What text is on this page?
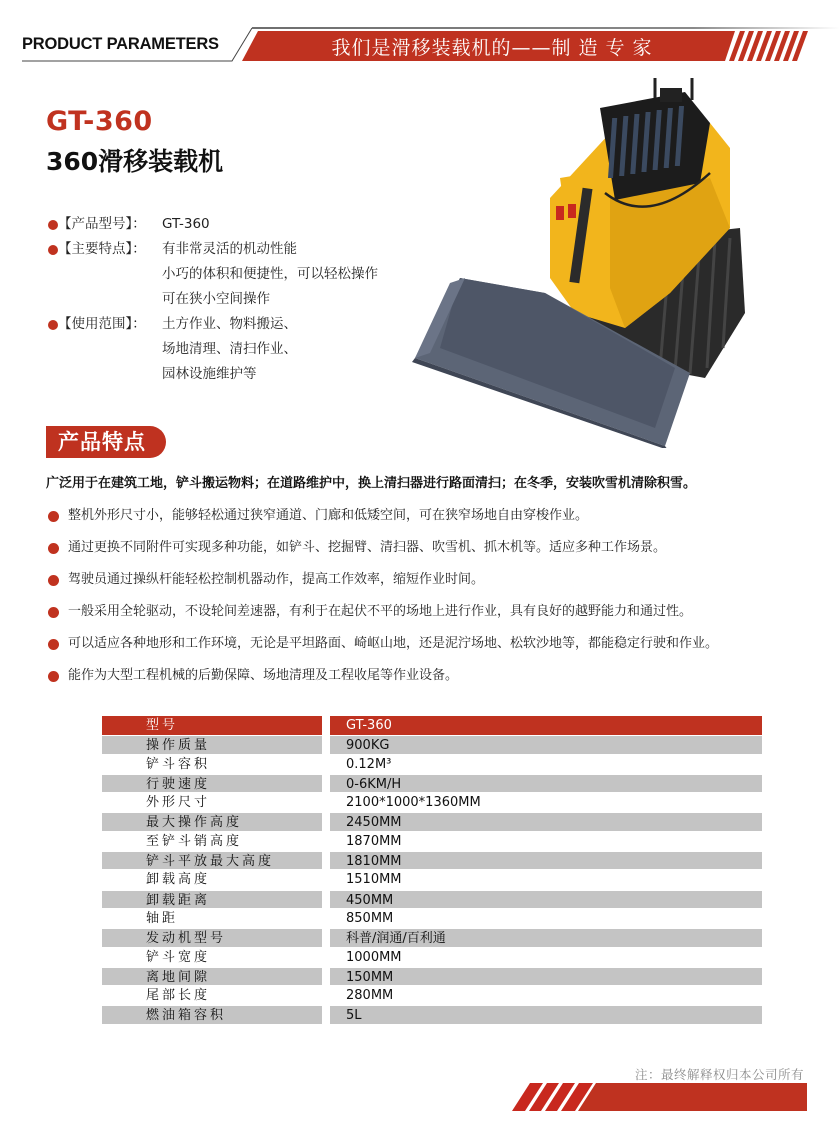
PRODUCT PARAMETERS	我们是滑移装载机的——制 造 专 家
GT-360
360滑移装载机
【产品型号】： GT-360
【主要特点】： 有非常灵活的机动性能
小巧的体积和便捷性，可以轻松操作
可在狭小空间操作
【使用范围】： 土方作业、物料搬运、
场地清理、清扫作业、
园林设施维护等
产品特点
广泛用于在建筑工地，铲斗搬运物料；在道路维护中，换上清扫器进行路面清扫；在冬季，安装吹雪机清除积雪。
整机外形尺寸小，能够轻松通过狭窄通道、门廊和低矮空间，可在狭窄场地自由穿梭作业。
通过更换不同附件可实现多种功能，如铲斗、挖掘臂、清扫器、吹雪机、抓木机等。适应多种工作场景。
驾驶员通过操纵杆能轻松控制机器动作，提高工作效率，缩短作业时间。
一般采用全轮驱动，不设轮间差速器，有利于在起伏不平的场地上进行作业，具有良好的越野能力和通过性。
可以适应各种地形和工作环境，无论是平坦路面、崎岖山地，还是泥泞场地、松软沙地等，都能稳定行驶和作业。
能作为大型工程机械的后勤保障、场地清理及工程收尾等作业设备。
型号	GT-360
操作质量	900KG
铲斗容积	0.12M³
行驶速度	0-6KM/H
外形尺寸	2100*1000*1360MM
最大操作高度	2450MM
至铲斗销高度	1870MM
铲斗平放最大高度	1810MM
卸载高度	1510MM
卸载距离	450MM
轴距	850MM
发动机型号	科普/润通/百利通
铲斗宽度	1000MM
离地间隙	150MM
尾部长度	280MM
燃油箱容积	5L
注：最终解释权归本公司所有
